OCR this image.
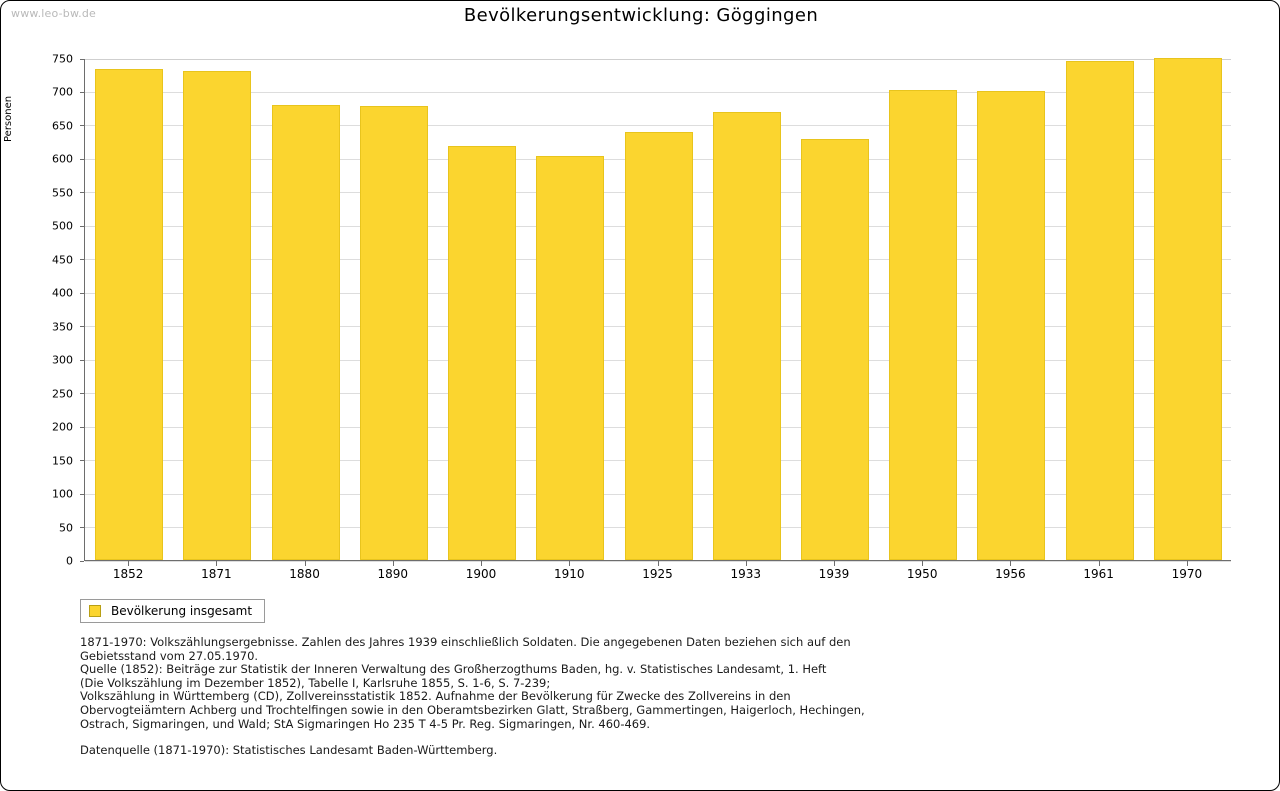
www.leo-bw.de	Bevölkerungsentwicklung: Göggingen
Personen
0
50
100
150
200
250
300
350
400
450
500
550
600
650
700
750
1852	1871	1880	1890	1900	1910	1925	1933	1939	1950	1956	1961	1970
Bevölkerung insgesamt

1871-1970: Volkszählungsergebnisse. Zahlen des Jahres 1939 einschließlich Soldaten. Die angegebenen Daten beziehen sich auf den

Gebietsstand vom 27.05.1970.

Quelle (1852): Beiträge zur Statistik der Inneren Verwaltung des Großherzogthums Baden, hg. v. Statistisches Landesamt, 1. Heft

(Die Volkszählung im Dezember 1852), Tabelle I, Karlsruhe 1855, S. 1-6, S. 7-239;

Volkszählung in Württemberg (CD), Zollvereinsstatistik 1852. Aufnahme der Bevölkerung für Zwecke des Zollvereins in den

Obervogteiämtern Achberg und Trochtelfingen sowie in den Oberamtsbezirken Glatt, Straßberg, Gammertingen, Haigerloch, Hechingen,

Ostrach, Sigmaringen, und Wald; StA Sigmaringen Ho 235 T 4-5 Pr. Reg. Sigmaringen, Nr. 460-469.

Datenquelle (1871-1970): Statistisches Landesamt Baden-Württemberg.
